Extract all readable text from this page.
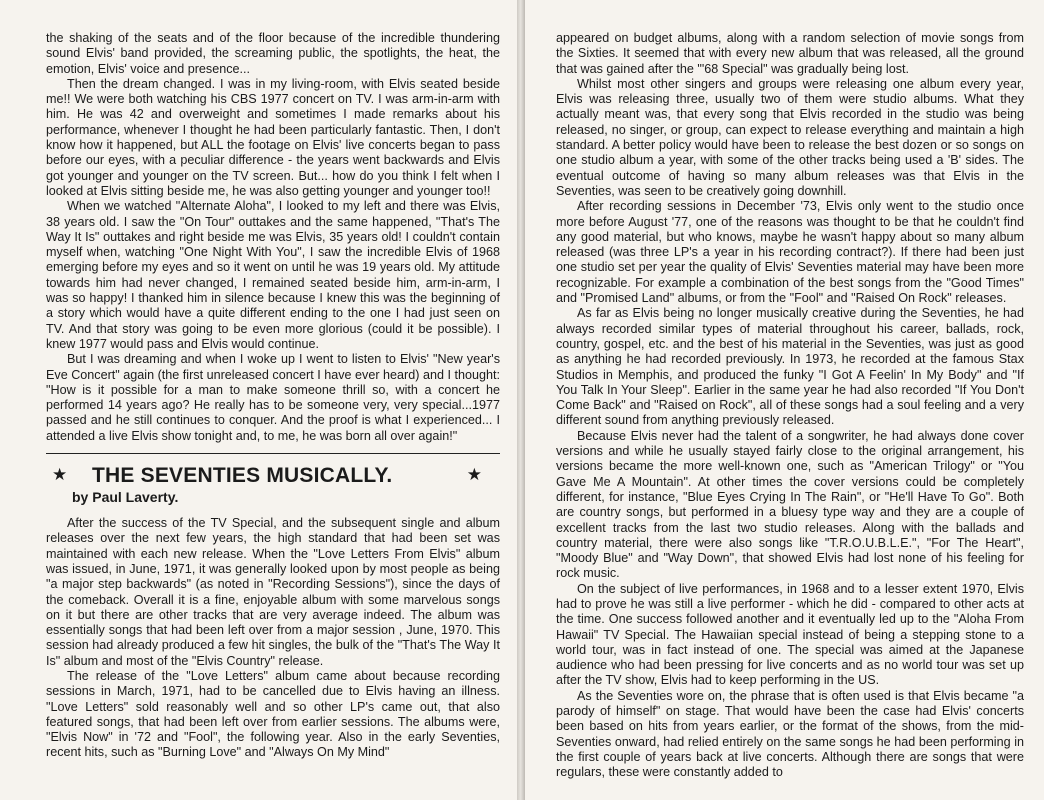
the shaking of the seats and of the floor because of the incredible thundering sound Elvis' band provided, the screaming public, the spotlights, the heat, the emotion, Elvis' voice and presence...

Then the dream changed. I was in my living-room, with Elvis seated beside me!! We were both watching his CBS 1977 concert on TV. I was arm-in-arm with him. He was 42 and overweight and sometimes I made remarks about his performance, whenever I thought he had been particularly fantastic. Then, I don't know how it happened, but ALL the footage on Elvis' live concerts began to pass before our eyes, with a peculiar difference - the years went backwards and Elvis got younger and younger on the TV screen. But... how do you think I felt when I looked at Elvis sitting beside me, he was also getting younger and younger too!!

When we watched "Alternate Aloha", I looked to my left and there was Elvis, 38 years old. I saw the "On Tour" outtakes and the same happened, "That's The Way It Is" outtakes and right beside me was Elvis, 35 years old! I couldn't contain myself when, watching "One Night With You", I saw the incredible Elvis of 1968 emerging before my eyes and so it went on until he was 19 years old. My attitude towards him had never changed, I remained seated beside him, arm-in-arm, I was so happy! I thanked him in silence because I knew this was the beginning of a story which would have a quite different ending to the one I had just seen on TV. And that story was going to be even more glorious (could it be possible). I knew 1977 would pass and Elvis would continue.

But I was dreaming and when I woke up I went to listen to Elvis' "New year's Eve Concert" again (the first unreleased concert I have ever heard) and I thought: "How is it possible for a man to make someone thrill so, with a concert he performed 14 years ago? He really has to be someone very, very special...1977 passed and he still continues to conquer. And the proof is what I experienced... I attended a live Elvis show tonight and, to me, he was born all over again!"

★ THE SEVENTIES MUSICALLY.	★
by Paul Laverty.

After the success of the TV Special, and the subsequent single and album releases over the next few years, the high standard that had been set was maintained with each new release. When the "Love Letters From Elvis" album was issued, in June, 1971, it was generally looked upon by most people as being "a major step backwards" (as noted in "Recording Sessions"), since the days of the comeback. Overall it is a fine, enjoyable album with some marvelous songs on it but there are other tracks that are very average indeed. The album was essentially songs that had been left over from a major session , June, 1970. This session had already produced a few hit singles, the bulk of the "That's The Way It Is" album and most of the "Elvis Country" release.

The release of the "Love Letters" album came about because recording sessions in March, 1971, had to be cancelled due to Elvis having an illness. "Love Letters" sold reasonably well and so other LP's came out, that also featured songs, that had been left over from earlier sessions. The albums were, "Elvis Now" in '72 and "Fool", the following year. Also in the early Seventies, recent hits, such as "Burning Love" and "Always On My Mind"

appeared on budget albums, along with a random selection of movie songs from the Sixties. It seemed that with every new album that was released, all the ground that was gained after the "'68 Special" was gradually being lost.

Whilst most other singers and groups were releasing one album every year, Elvis was releasing three, usually two of them were studio albums. What they actually meant was, that every song that Elvis recorded in the studio was being released, no singer, or group, can expect to release everything and maintain a high standard. A better policy would have been to release the best dozen or so songs on one studio album a year, with some of the other tracks being used a 'B' sides. The eventual outcome of having so many album releases was that Elvis in the Seventies, was seen to be creatively going downhill.

After recording sessions in December '73, Elvis only went to the studio once more before August '77, one of the reasons was thought to be that he couldn't find any good material, but who knows, maybe he wasn't happy about so many album released (was three LP's a year in his recording contract?). If there had been just one studio set per year the quality of Elvis' Seventies material may have been more recognizable. For example a combination of the best songs from the "Good Times" and "Promised Land" albums, or from the "Fool" and "Raised On Rock" releases.

As far as Elvis being no longer musically creative during the Seventies, he had always recorded similar types of material throughout his career, ballads, rock, country, gospel, etc. and the best of his material in the Seventies, was just as good as anything he had recorded previously. In 1973, he recorded at the famous Stax Studios in Memphis, and produced the funky "I Got A Feelin' In My Body" and "If You Talk In Your Sleep". Earlier in the same year he had also recorded "If You Don't Come Back" and "Raised on Rock", all of these songs had a soul feeling and a very different sound from anything previously released.

Because Elvis never had the talent of a songwriter, he had always done cover versions and while he usually stayed fairly close to the original arrangement, his versions became the more well-known one, such as "American Trilogy" or "You Gave Me A Mountain". At other times the cover versions could be completely different, for instance, "Blue Eyes Crying In The Rain", or "He'll Have To Go". Both are country songs, but performed in a bluesy type way and they are a couple of excellent tracks from the last two studio releases. Along with the ballads and country material, there were also songs like "T.R.O.U.B.L.E.", "For The Heart", "Moody Blue" and "Way Down", that showed Elvis had lost none of his feeling for rock music.

On the subject of live performances, in 1968 and to a lesser extent 1970, Elvis had to prove he was still a live performer - which he did - compared to other acts at the time. One success followed another and it eventually led up to the "Aloha From Hawaii" TV Special. The Hawaiian special instead of being a stepping stone to a world tour, was in fact instead of one. The special was aimed at the Japanese audience who had been pressing for live concerts and as no world tour was set up after the TV show, Elvis had to keep performing in the US.

As the Seventies wore on, the phrase that is often used is that Elvis became "a parody of himself" on stage. That would have been the case had Elvis' concerts been based on hits from years earlier, or the format of the shows, from the mid-Seventies onward, had relied entirely on the same songs he had been performing in the first couple of years back at live concerts. Although there are songs that were regulars, these were constantly added to
